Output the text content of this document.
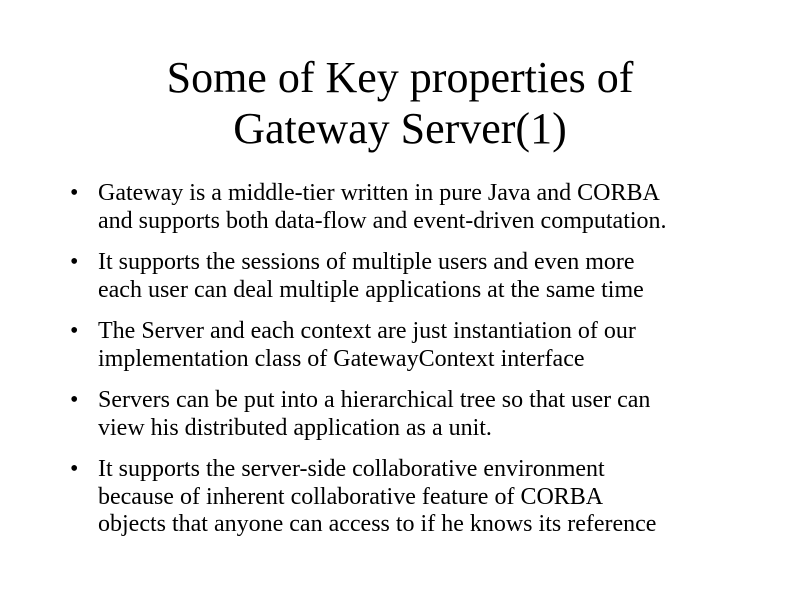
Some of Key properties of
Gateway Server(1)
• Gateway is a middle-tier written in pure Java and CORBA
and supports both data-flow and event-driven computation.
• It supports the sessions of multiple users and even more
each user can deal multiple applications at the same time
• The Server and each context are just instantiation of our
implementation class of GatewayContext interface
• Servers can be put into a hierarchical tree so that user can
view his distributed application as a unit.
• It supports the server-side collaborative environment
because of inherent collaborative feature of CORBA
objects that anyone can access to if he knows its reference
